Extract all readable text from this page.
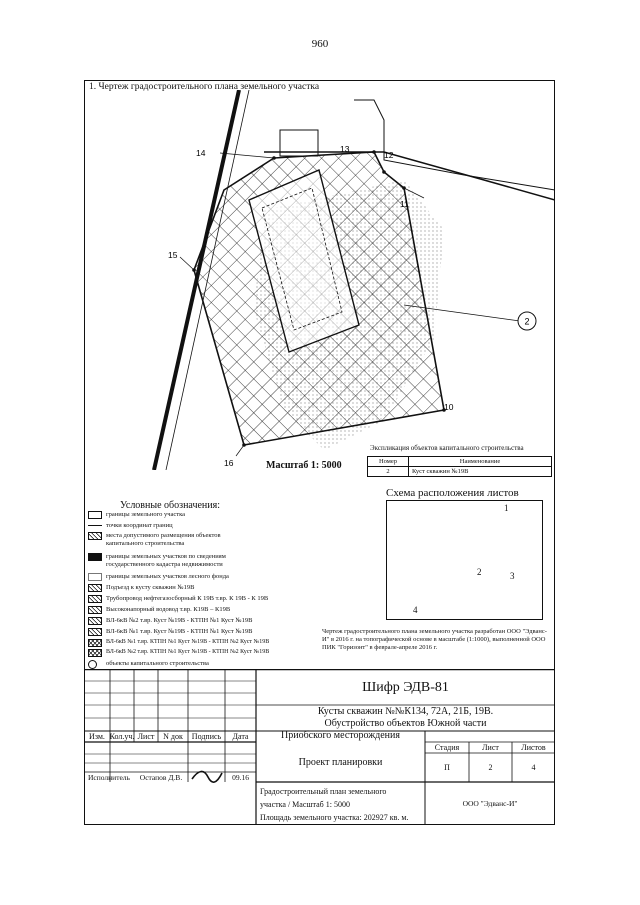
960
1. Чертеж градостроительного плана земельного участка
2
14	13
12
11
15
10
16	Масштаб 1: 5000
Экспликация объектов капитального строительства
Номер	Наименование
2	Куст скважин №19В
Схема расположения листов
1
2	3
4
Условные обозначения:
границы земельного участка
точки координат границ
места допустимого размещения объектов капитального строительства
границы земельных участков по сведениям государственного кадастра недвижимости
границы земельных участков лесного фонда
Подъезд к кусту скважин №19В
Трубопровод нефтегазосборный К 19В т.вр. К 19В - К 19В
Высоконапорный водовод т.вр. К19В – К19В
ВЛ-6кВ №2 т.вр. Куст №19В - КТПН №1 Куст №19В
ВЛ-6кВ №1 т.вр. Куст №19В - КТПН №1 Куст №19В
ВЛ-6кВ №1 т.вр. КТПН №1 Куст №19В - КТПН №2 Куст №19В
ВЛ-6кВ №2 т.вр. КТПН №1 Куст №19В - КТПН №2 Куст №19В
объекты капитального строительства
Чертеж градостроительного плана земельного участка разработан ООО "Эдванс-И" в 2016 г. на топографической основе в масштабе (1:1000), выполненной ООО ПИК "Горизонт" в феврале-апреле 2016 г.
Шифр ЭДВ-81
Кусты скважин №№К134, 72А, 21Б, 19В.
Обустройство объектов Южной части
Приобского месторождения
Изм. Кол.уч. Лист	N док	Подпись	Дата
Исполнитель	Остапов Д.В.	09.16
Проект планировки
Стадия	Лист	Листов
П	2	4
Градостроительный план земельного
участка / Масштаб 1: 5000
Площадь земельного участка: 202927 кв. м.
ООО "Эдванс-И"
